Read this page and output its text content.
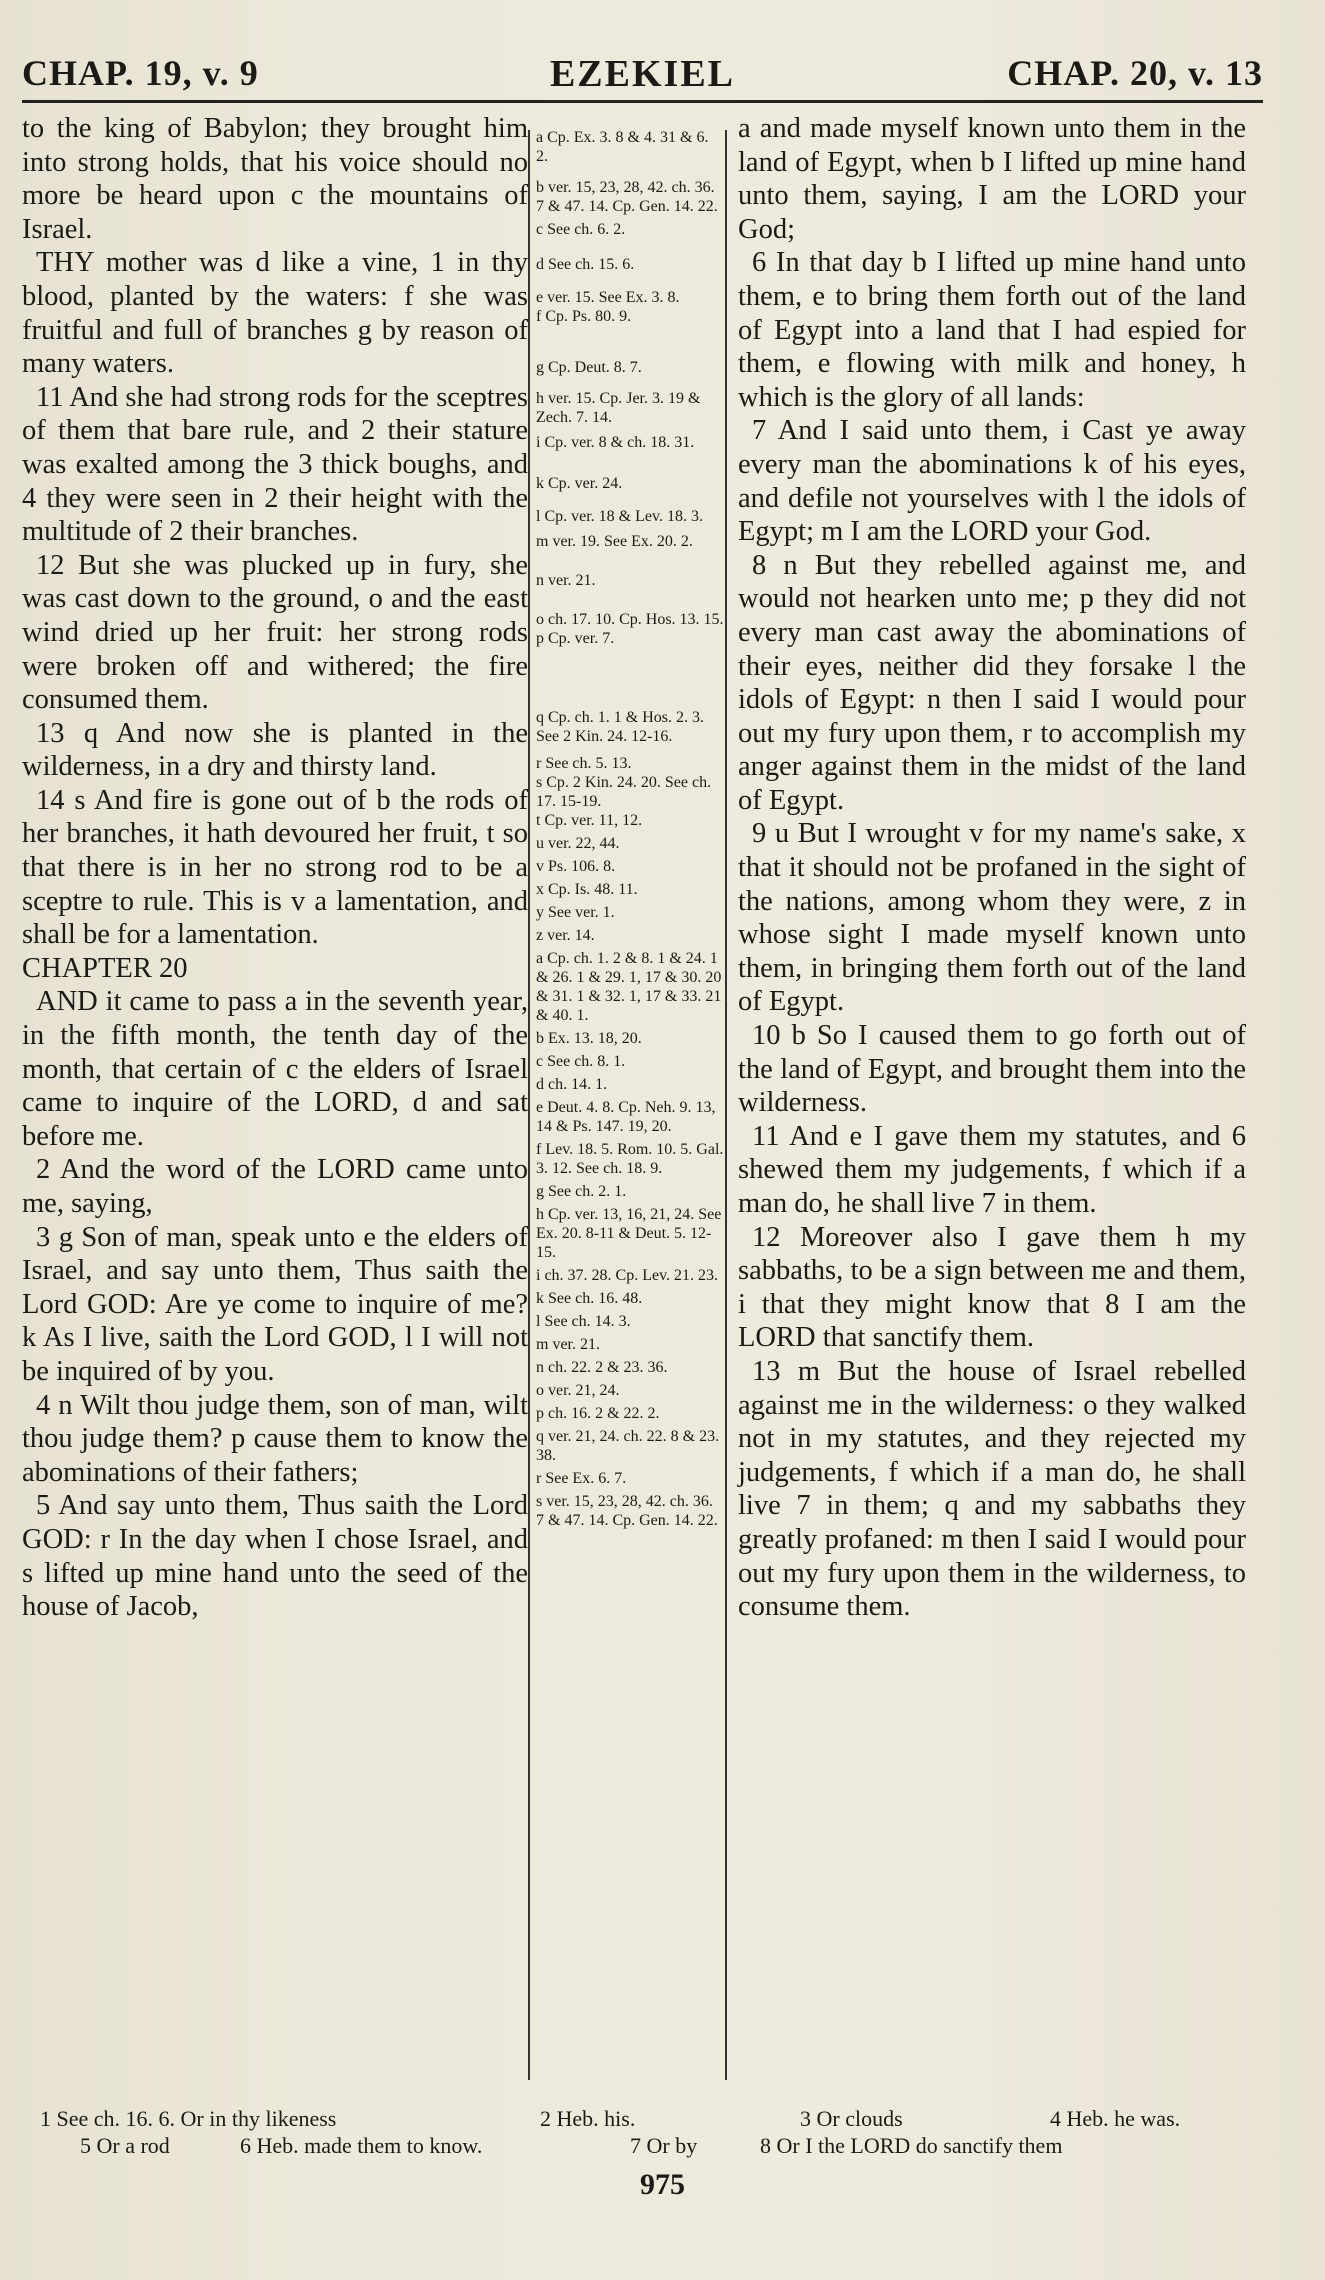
CHAP. 19, v. 9	EZEKIEL	CHAP. 20, v. 13

to the king of Babylon; they brought him into strong holds, that his voice should no more be heard upon c the mountains of Israel.

THY mother was d like a vine, 1 in thy blood, planted by the waters: f she was fruitful and full of branches g by reason of many waters.

11 And she had strong rods for the sceptres of them that bare rule, and 2 their stature was exalted among the 3 thick boughs, and 4 they were seen in 2 their height with the multitude of 2 their branches.

12 But she was plucked up in fury, she was cast down to the ground, o and the east wind dried up her fruit: her strong rods were broken off and withered; the fire consumed them.

13 q And now she is planted in the wilderness, in a dry and thirsty land.

14 s And fire is gone out of b the rods of her branches, it hath devoured her fruit, t so that there is in her no strong rod to be a sceptre to rule. This is v a lamentation, and shall be for a lamentation.

CHAPTER 20

AND it came to pass a in the seventh year, in the fifth month, the tenth day of the month, that certain of c the elders of Israel came to inquire of the LORD, d and sat before me.

2 And the word of the LORD came unto me, saying,

3 g Son of man, speak unto e the elders of Israel, and say unto them, Thus saith the Lord GOD: Are ye come to inquire of me? k As I live, saith the Lord GOD, l I will not be inquired of by you.

4 n Wilt thou judge them, son of man, wilt thou judge them? p cause them to know the abominations of their fathers;

5 And say unto them, Thus saith the Lord GOD: r In the day when I chose Israel, and s lifted up mine hand unto the seed of the house of Jacob,

a Cp. Ex. 3. 8 & 4. 31 & 6. 2.
b ver. 15, 23, 28, 42. ch. 36. 7 & 47. 14. Cp. Gen. 14. 22.
c See ch. 6. 2.
d See ch. 15. 6.
e ver. 15. See Ex. 3. 8.
f Cp. Ps. 80. 9.
g Cp. Deut. 8. 7.
h ver. 15. Cp. Jer. 3. 19 & Zech. 7. 14.
i Cp. ver. 8 & ch. 18. 31.
k Cp. ver. 24.
l Cp. ver. 18 & Lev. 18. 3.
m ver. 19. See Ex. 20. 2.
n ver. 21.
o ch. 17. 10. Cp. Hos. 13. 15.
p Cp. ver. 7.
q Cp. ch. 1. 1 & Hos. 2. 3. See 2 Kin. 24. 12-16.
r See ch. 5. 13.
s Cp. 2 Kin. 24. 20. See ch. 17. 15-19.
t Cp. ver. 11, 12.
u ver. 22, 44.
v Ps. 106. 8.
x Cp. Is. 48. 11.
y See ver. 1.
z ver. 14.
a Cp. ch. 1. 2 & 8. 1 & 24. 1 & 26. 1 & 29. 1, 17 & 30. 20 & 31. 1 & 32. 1, 17 & 33. 21 & 40. 1.
b Ex. 13. 18, 20.
c See ch. 8. 1.
d ch. 14. 1.
e Deut. 4. 8. Cp. Neh. 9. 13, 14 & Ps. 147. 19, 20.
f Lev. 18. 5. Rom. 10. 5. Gal. 3. 12. See ch. 18. 9.
g See ch. 2. 1.
h Cp. ver. 13, 16, 21, 24. See Ex. 20. 8-11 & Deut. 5. 12-15.
i ch. 37. 28. Cp. Lev. 21. 23.
k See ch. 16. 48.
l See ch. 14. 3.
m ver. 21.
n ch. 22. 2 & 23. 36.
o ver. 21, 24.
p ch. 16. 2 & 22. 2.
q ver. 21, 24. ch. 22. 8 & 23. 38.
r See Ex. 6. 7.
s ver. 15, 23, 28, 42. ch. 36. 7 & 47. 14. Cp. Gen. 14. 22.

a and made myself known unto them in the land of Egypt, when b I lifted up mine hand unto them, saying, I am the LORD your God;

6 In that day b I lifted up mine hand unto them, e to bring them forth out of the land of Egypt into a land that I had espied for them, e flowing with milk and honey, h which is the glory of all lands:

7 And I said unto them, i Cast ye away every man the abominations k of his eyes, and defile not yourselves with l the idols of Egypt; m I am the LORD your God.

8 n But they rebelled against me, and would not hearken unto me; p they did not every man cast away the abominations of their eyes, neither did they forsake l the idols of Egypt: n then I said I would pour out my fury upon them, r to accomplish my anger against them in the midst of the land of Egypt.

9 u But I wrought v for my name's sake, x that it should not be profaned in the sight of the nations, among whom they were, z in whose sight I made myself known unto them, in bringing them forth out of the land of Egypt.

10 b So I caused them to go forth out of the land of Egypt, and brought them into the wilderness.

11 And e I gave them my statutes, and 6 shewed them my judgements, f which if a man do, he shall live 7 in them.

12 Moreover also I gave them h my sabbaths, to be a sign between me and them, i that they might know that 8 I am the LORD that sanctify them.

13 m But the house of Israel rebelled against me in the wilderness: o they walked not in my statutes, and they rejected my judgements, f which if a man do, he shall live 7 in them; q and my sabbaths they greatly profaned: m then I said I would pour out my fury upon them in the wilderness, to consume them.

1 See ch. 16. 6. Or in thy likeness	2 Heb. his.	3 Or clouds	4 Heb. he was.
5 Or a rod	6 Heb. made them to know.	7 Or by	8 Or I the LORD do sanctify them
975
